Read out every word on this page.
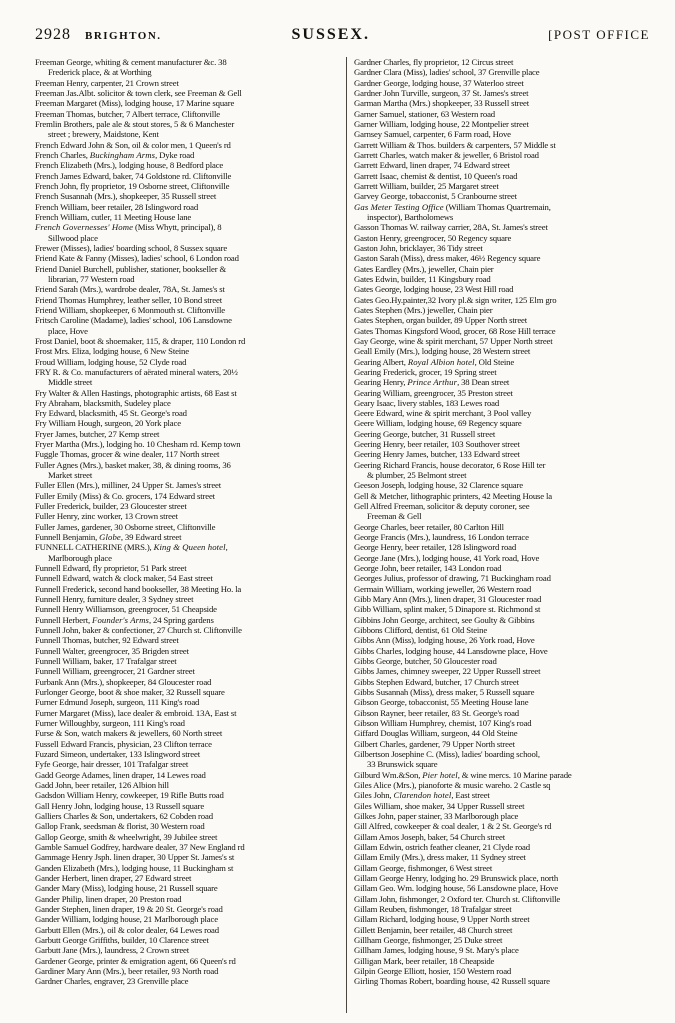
2928 BRIGHTON.	SUSSEX.	[POST OFFICE
Freeman George, whiting & cement manufacturer &c. 38
Frederick place, & at Worthing
Freeman Henry, carpenter, 21 Crown street
Freeman Jas.Albt. solicitor & town clerk, see Freeman & Gell
Freeman Margaret (Miss), lodging house, 17 Marine square
Freeman Thomas, butcher, 7 Albert terrace, Cliftonville
Fremlin Brothers, pale ale & stout stores, 5 & 6 Manchester
street ; brewery, Maidstone, Kent
French Edward John & Son, oil & color men, 1 Queen's rd
French Charles, Buckingham Arms, Dyke road
French Elizabeth (Mrs.), lodging house, 8 Bedford place
French James Edward, baker, 74 Goldstone rd. Cliftonville
French John, fly proprietor, 19 Osborne street, Cliftonville
French Susannah (Mrs.), shopkeeper, 35 Russell street
French William, beer retailer, 28 Islingword road
French William, cutler, 11 Meeting House lane
French Governesses' Home (Miss Whytt, principal), 8
Sillwood place
Frewer (Misses), ladies' boarding school, 8 Sussex square
Friend Kate & Fanny (Misses), ladies' school, 6 London road
Friend Daniel Burchell, publisher, stationer, bookseller &
librarian, 77 Western road
Friend Sarah (Mrs.), wardrobe dealer, 78A, St. James's st
Friend Thomas Humphrey, leather seller, 10 Bond street
Friend William, shopkeeper, 6 Monmouth st. Cliftonville
Fritsch Caroline (Madame), ladies' school, 106 Lansdowne
place, Hove
Frost Daniel, boot & shoemaker, 115, & draper, 110 London rd
Frost Mrs. Eliza, lodging house, 6 New Steine
Froud William, lodging house, 52 Clyde road
FRY R. & Co. manufacturers of aërated mineral waters, 20½
Middle street
Fry Walter & Allen Hastings, photographic artists, 68 East st
Fry Abraham, blacksmith, Sudeley place
Fry Edward, blacksmith, 45 St. George's road
Fry William Hough, surgeon, 20 York place
Fryer James, butcher, 27 Kemp street
Fryer Martha (Mrs.), lodging ho. 10 Chesham rd. Kemp town
Fuggle Thomas, grocer & wine dealer, 117 North street
Fuller Agnes (Mrs.), basket maker, 38, & dining rooms, 36
Market street
Fuller Ellen (Mrs.), milliner, 24 Upper St. James's street
Fuller Emily (Miss) & Co. grocers, 174 Edward street
Fuller Frederick, builder, 23 Gloucester street
Fuller Henry, zinc worker, 13 Crown street
Fuller James, gardener, 30 Osborne street, Cliftonville
Funnell Benjamin, Globe, 39 Edward street
FUNNELL CATHERINE (MRS.), King & Queen hotel,
Marlborough place
Funnell Edward, fly proprietor, 51 Park street
Funnell Edward, watch & clock maker, 54 East street
Funnell Frederick, second hand bookseller, 38 Meeting Ho. la
Funnell Henry, furniture dealer, 3 Sydney street
Funnell Henry Williamson, greengrocer, 51 Cheapside
Funnell Herbert, Founder's Arms, 24 Spring gardens
Funnell John, baker & confectioner, 27 Church st. Cliftonville
Funnell Thomas, butcher, 92 Edward street
Funnell Walter, greengrocer, 35 Brigden street
Funnell William, baker, 17 Trafalgar street
Funnell William, greengrocer, 21 Gardner street
Furbank Ann (Mrs.), shopkeeper, 84 Gloucester road
Furlonger George, boot & shoe maker, 32 Russell square
Furner Edmund Joseph, surgeon, 111 King's road
Furner Margaret (Miss), lace dealer & embroid. 13A, East st
Furner Willoughby, surgeon, 111 King's road
Furse & Son, watch makers & jewellers, 60 North street
Fussell Edward Francis, physician, 23 Clifton terrace
Fuzard Simeon, undertaker, 133 Islingword street
Fyfe George, hair dresser, 101 Trafalgar street
Gadd George Adames, linen draper, 14 Lewes road
Gadd John, beer retailer, 126 Albion hill
Gadsdon William Henry, cowkeeper, 19 Rifle Butts road
Gall Henry John, lodging house, 13 Russell square
Galliers Charles & Son, undertakers, 62 Cobden road
Gallop Frank, seedsman & florist, 30 Western road
Gallop George, smith & wheelwright, 39 Jubilee street
Gamble Samuel Godfrey, hardware dealer, 37 New England rd
Gammage Henry Jsph. linen draper, 30 Upper St. James's st
Ganden Elizabeth (Mrs.), lodging house, 11 Buckingham st
Gander Herbert, linen draper, 27 Edward street
Gander Mary (Miss), lodging house, 21 Russell square
Gander Philip, linen draper, 20 Preston road
Gander Stephen, linen draper, 19 & 20 St. George's road
Gander William, lodging house, 21 Marlborough place
Garbutt Ellen (Mrs.), oil & color dealer, 64 Lewes road
Garbutt George Griffiths, builder, 10 Clarence street
Garbutt Jane (Mrs.), laundress, 2 Crown street
Gardener George, printer & emigration agent, 66 Queen's rd
Gardiner Mary Ann (Mrs.), beer retailer, 93 North road
Gardner Charles, engraver, 23 Grenville place
Gardner Charles, fly proprietor, 12 Circus street
Gardner Clara (Miss), ladies' school, 37 Grenville place
Gardner George, lodging house, 37 Waterloo street
Gardner John Turville, surgeon, 37 St. James's street
Garman Martha (Mrs.) shopkeeper, 33 Russell street
Garner Samuel, stationer, 63 Western road
Garner William, lodging house, 22 Montpelier street
Garnsey Samuel, carpenter, 6 Farm road, Hove
Garrett William & Thos. builders & carpenters, 57 Middle st
Garrett Charles, watch maker & jeweller, 6 Bristol road
Garrett Edward, linen draper, 74 Edward street
Garrett Isaac, chemist & dentist, 10 Queen's road
Garrett William, builder, 25 Margaret street
Garvey George, tobacconist, 5 Cranbourne street
Gas Meter Testing Office (William Thomas Quartremain,
inspector), Bartholomews
Gasson Thomas W. railway carrier, 28A, St. James's street
Gaston Henry, greengrocer, 50 Regency square
Gaston John, bricklayer, 36 Tidy street
Gaston Sarah (Miss), dress maker, 46½ Regency square
Gates Eardley (Mrs.), jeweller, Chain pier
Gates Edwin, builder, 11 Kingsbury road
Gates George, lodging house, 23 West Hill road
Gates Geo.Hy.painter,32 Ivory pl.& sign writer, 125 Elm gro
Gates Stephen (Mrs.) jeweller, Chain pier
Gates Stephen, organ builder, 89 Upper North street
Gates Thomas Kingsford Wood, grocer, 68 Rose Hill terrace
Gay George, wine & spirit merchant, 57 Upper North street
Geall Emily (Mrs.), lodging house, 28 Western street
Gearing Albert, Royal Albion hotel, Old Steine
Gearing Frederick, grocer, 19 Spring street
Gearing Henry, Prince Arthur, 38 Dean street
Gearing William, greengrocer, 35 Preston street
Geary Isaac, livery stables, 183 Lewes road
Geere Edward, wine & spirit merchant, 3 Pool valley
Geere William, lodging house, 69 Regency square
Geering George, butcher, 31 Russell street
Geering Henry, beer retailer, 103 Southover street
Geering Henry James, butcher, 133 Edward street
Geering Richard Francis, house decorator, 6 Rose Hill ter
& plumber, 25 Belmont street
Geeson Joseph, lodging house, 32 Clarence square
Gell & Metcher, lithographic printers, 42 Meeting House la
Gell Alfred Freeman, solicitor & deputy coroner, see
Freeman & Gell
George Charles, beer retailer, 80 Carlton Hill
George Francis (Mrs.), laundress, 16 London terrace
George Henry, beer retailer, 128 Islingword road
George Jane (Mrs.), lodging house, 41 York road, Hove
George John, beer retailer, 143 London road
Georges Julius, professor of drawing, 71 Buckingham road
Germain William, working jeweller, 26 Western road
Gibb Mary Ann (Mrs.), linen draper, 31 Gloucester road
Gibb William, splint maker, 5 Dinapore st. Richmond st
Gibbins John George, architect, see Goulty & Gibbins
Gibbons Clifford, dentist, 61 Old Steine
Gibbs Ann (Miss), lodging house, 26 York road, Hove
Gibbs Charles, lodging house, 44 Lansdowne place, Hove
Gibbs George, butcher, 50 Gloucester road
Gibbs James, chimney sweeper, 22 Upper Russell street
Gibbs Stephen Edward, butcher, 17 Church street
Gibbs Susannah (Miss), dress maker, 5 Russell square
Gibson George, tobacconist, 55 Meeting House lane
Gibson Rayner, beer retailer, 83 St. George's road
Gibson William Humphrey, chemist, 107 King's road
Giffard Douglas William, surgeon, 44 Old Steine
Gilbert Charles, gardener, 79 Upper North street
Gilbertson Josephine C. (Miss), ladies' boarding school,
33 Brunswick square
Gilburd Wm.&Son, Pier hotel, & wine mercs. 10 Marine parade
Giles Alice (Mrs.), pianoforte & music wareho. 2 Castle sq
Giles John, Clarendon hotel, East street
Giles William, shoe maker, 34 Upper Russell street
Gilkes John, paper stainer, 33 Marlborough place
Gill Alfred, cowkeeper & coal dealer, 1 & 2 St. George's rd
Gillam Amos Joseph, baker, 54 Church street
Gillam Edwin, ostrich feather cleaner, 21 Clyde road
Gillam Emily (Mrs.), dress maker, 11 Sydney street
Gillam George, fishmonger, 6 West street
Gillam George Henry, lodging ho. 29 Brunswick place, north
Gillam Geo. Wm. lodging house, 56 Lansdowne place, Hove
Gillam John, fishmonger, 2 Oxford ter. Church st. Cliftonville
Gillam Reuben, fishmonger, 18 Trafalgar street
Gillam Richard, lodging house, 9 Upper North street
Gillett Benjamin, beer retailer, 48 Church street
Gillham George, fishmonger, 25 Duke street
Gillham James, lodging house, 9 St. Mary's place
Gilligan Mark, beer retailer, 18 Cheapside
Gilpin George Elliott, hosier, 150 Western road
Girling Thomas Robert, boarding house, 42 Russell square
